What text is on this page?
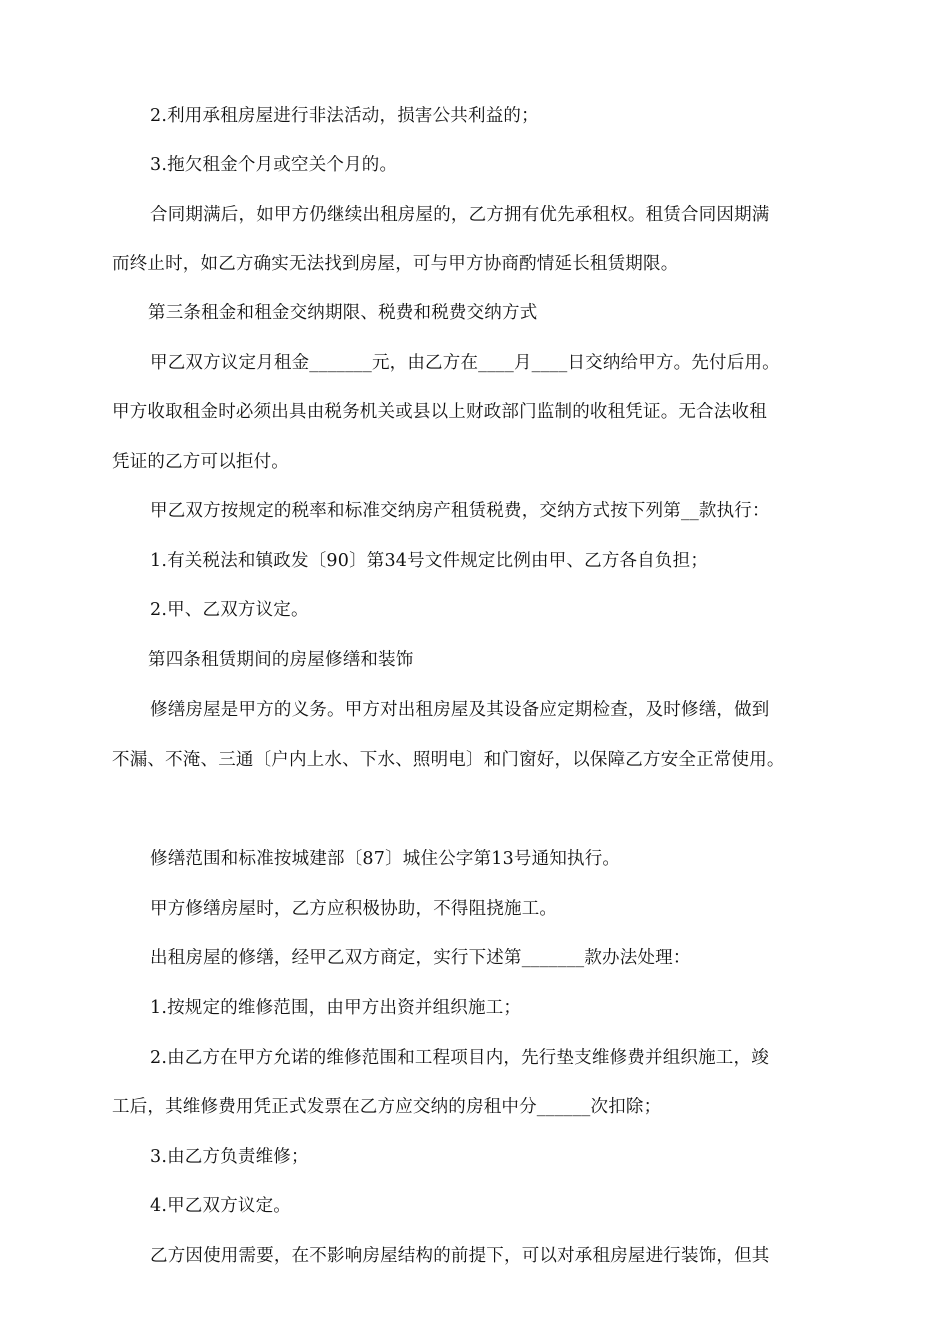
2.利用承租房屋进行非法活动，损害公共利益的；
3.拖欠租金个月或空关个月的。
合同期满后，如甲方仍继续出租房屋的，乙方拥有优先承租权。租赁合同因期满
而终止时，如乙方确实无法找到房屋，可与甲方协商酌情延长租赁期限。
第三条租金和租金交纳期限、税费和税费交纳方式
甲乙双方议定月租金_______元，由乙方在____月____日交纳给甲方。先付后用。
甲方收取租金时必须出具由税务机关或县以上财政部门监制的收租凭证。无合法收租
凭证的乙方可以拒付。
甲乙双方按规定的税率和标准交纳房产租赁税费，交纳方式按下列第__款执行：
1.有关税法和镇政发〔90〕第34号文件规定比例由甲、乙方各自负担；
2.甲、乙双方议定。
第四条租赁期间的房屋修缮和装饰
修缮房屋是甲方的义务。甲方对出租房屋及其设备应定期检查，及时修缮，做到
不漏、不淹、三通〔户内上水、下水、照明电〕和门窗好，以保障乙方安全正常使用。
修缮范围和标准按城建部〔87〕城住公字第13号通知执行。
甲方修缮房屋时，乙方应积极协助，不得阻挠施工。
出租房屋的修缮，经甲乙双方商定，实行下述第_______款办法处理：
1.按规定的维修范围，由甲方出资并组织施工；
2.由乙方在甲方允诺的维修范围和工程项目内，先行垫支维修费并组织施工，竣
工后，其维修费用凭正式发票在乙方应交纳的房租中分______次扣除；
3.由乙方负责维修；
4.甲乙双方议定。
乙方因使用需要，在不影响房屋结构的前提下，可以对承租房屋进行装饰，但其
